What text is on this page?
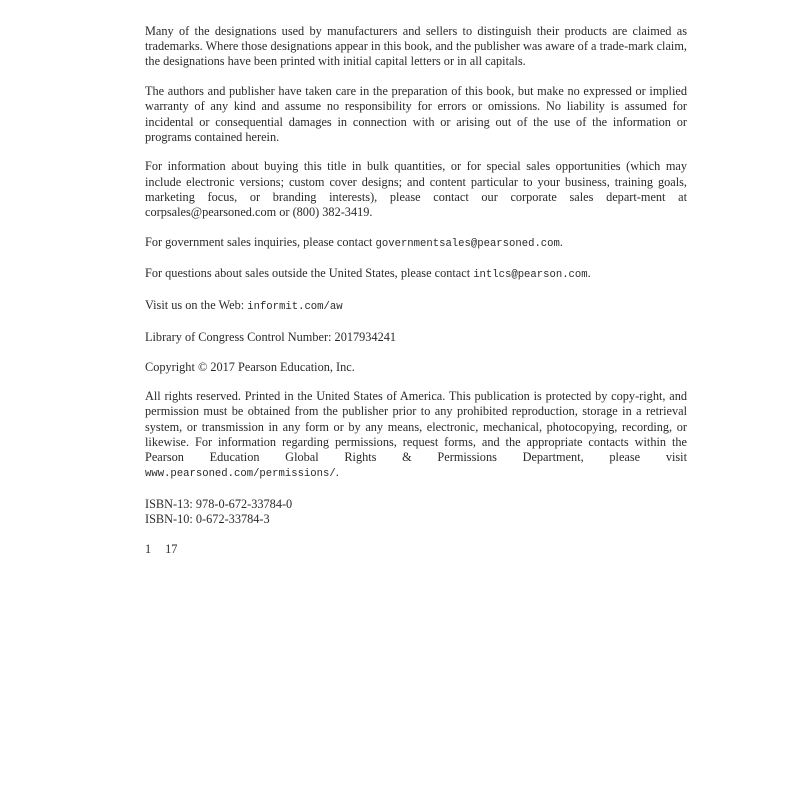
Many of the designations used by manufacturers and sellers to distinguish their products are claimed as trademarks. Where those designations appear in this book, and the publisher was aware of a trade-mark claim, the designations have been printed with initial capital letters or in all capitals.

The authors and publisher have taken care in the preparation of this book, but make no expressed or implied warranty of any kind and assume no responsibility for errors or omissions. No liability is assumed for incidental or consequential damages in connection with or arising out of the use of the information or programs contained herein.

For information about buying this title in bulk quantities, or for special sales opportunities (which may include electronic versions; custom cover designs; and content particular to your business, training goals, marketing focus, or branding interests), please contact our corporate sales depart-ment at corpsales@pearsoned.com or (800) 382-3419.

For government sales inquiries, please contact governmentsales@pearsoned.com.

For questions about sales outside the United States, please contact intlcs@pearson.com.

Visit us on the Web: informit.com/aw

Library of Congress Control Number: 2017934241

Copyright © 2017 Pearson Education, Inc.

All rights reserved. Printed in the United States of America. This publication is protected by copy-right, and permission must be obtained from the publisher prior to any prohibited reproduction, storage in a retrieval system, or transmission in any form or by any means, electronic, mechanical, photocopying, recording, or likewise. For information regarding permissions, request forms, and the appropriate contacts within the Pearson Education Global Rights & Permissions Department, please visit www.pearsoned.com/permissions/.

ISBN-13: 978-0-672-33784-0
ISBN-10: 0-672-33784-3

1 17
